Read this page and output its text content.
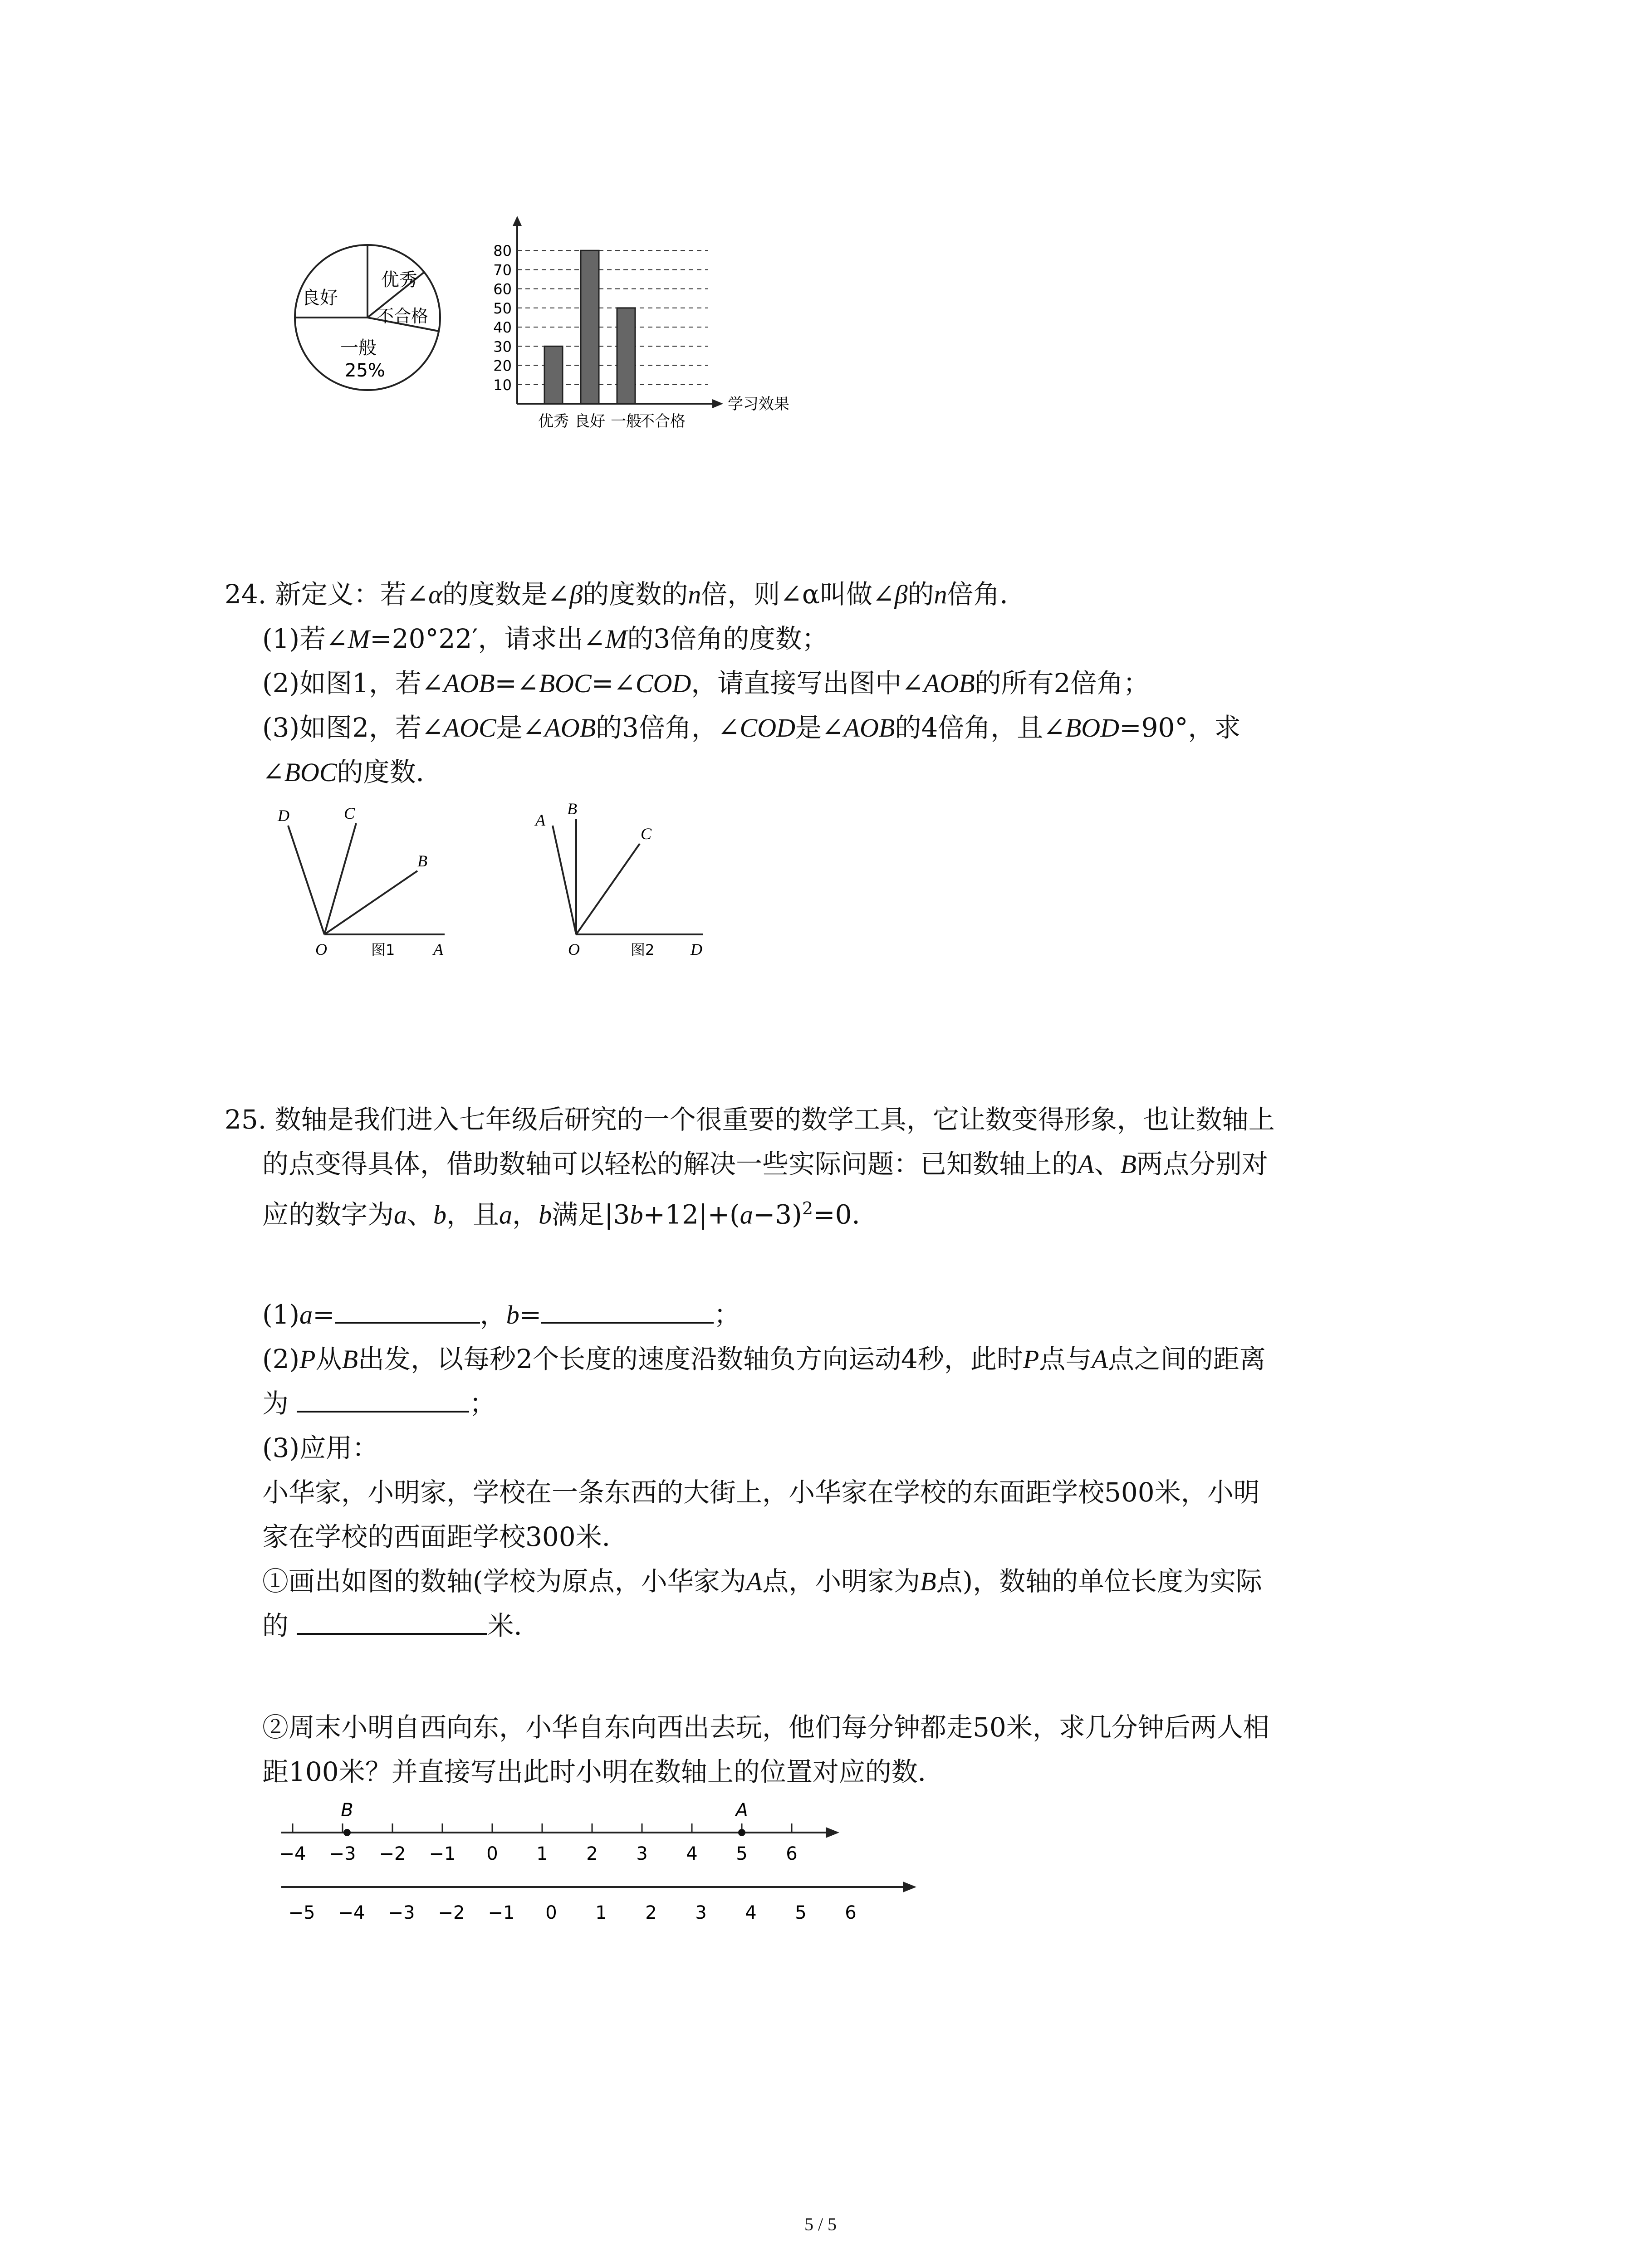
良好
优秀
不合格
一般
25%
10
20
30
40
50
60
70
80
优秀 良好 一般
不合格
学习效果
24. 新定义：若∠α的度数是∠β的度数的n倍，则∠α叫做∠β的n倍角．
(1)若∠M=20°22′，请求出∠M的3倍角的度数；
(2)如图1，若∠AOB=∠BOC=∠COD，请直接写出图中∠AOB的所有2倍角；
(3)如图2，若∠AOC是∠AOB的3倍角，∠COD是∠AOB的4倍角，且∠BOD=90°，求
∠BOC的度数．
D	C
B
O	A
图1
A
B
C
O	D
图2
25. 数轴是我们进入七年级后研究的一个很重要的数学工具，它让数变得形象，也让数轴上
的点变得具体，借助数轴可以轻松的解决一些实际问题：已知数轴上的A、B两点分别对
应的数字为a、b，且a，b满足$|3b+12|+(a-3)^2=0$．
(1)a=	，b=	；
(2)P从B出发，以每秒2个长度的速度沿数轴负方向运动4秒，此时P点与A点之间的距离
为	；
(3)应用：
小华家，小明家，学校在一条东西的大街上，小华家在学校的东面距学校500米，小明
家在学校的西面距学校300米．
①画出如图的数轴(学校为原点，小华家为A点，小明家为B点)，数轴的单位长度为实际
的	米．
②周末小明自西向东，小华自东向西出去玩，他们每分钟都走50米，求几分钟后两人相
距100米？并直接写出此时小明在数轴上的位置对应的数．
−4 −3 −2 −1 0 1 2 3 4 5 6
B	A
−5 −4 −3 −2 −1 0 1 2 3 4 5 6
5 / 5
